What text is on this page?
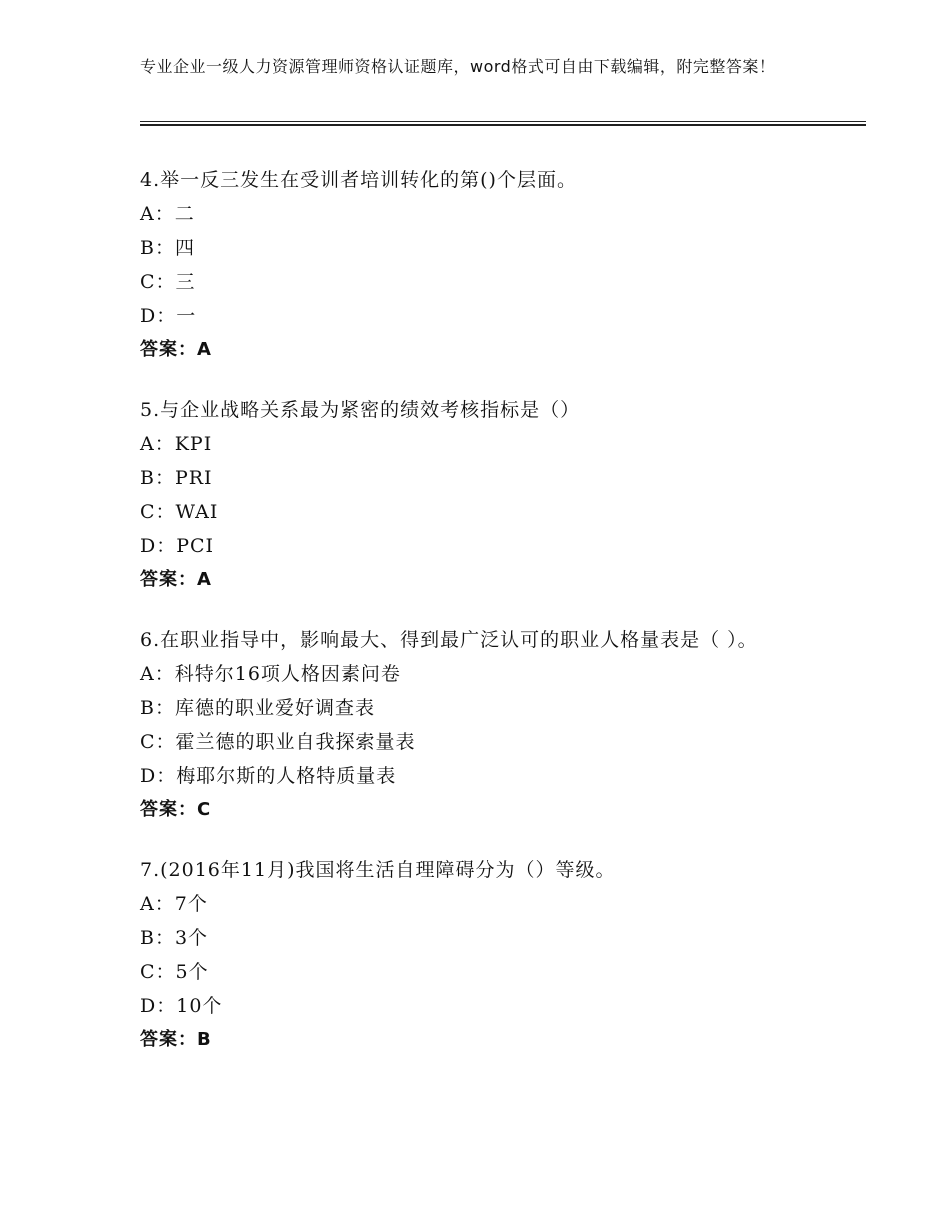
专业企业一级人力资源管理师资格认证题库，word格式可自由下载编辑，附完整答案！
4.举一反三发生在受训者培训转化的第()个层面。
A：二
B：四
C：三
D：一
答案：A
5.与企业战略关系最为紧密的绩效考核指标是（）
A：KPI
B：PRI
C：WAI
D：PCI
答案：A
6.在职业指导中，影响最大、得到最广泛认可的职业人格量表是（ ）。
A：科特尔16项人格因素问卷
B：库德的职业爱好调查表
C：霍兰德的职业自我探索量表
D：梅耶尔斯的人格特质量表
答案：C
7.(2016年11月)我国将生活自理障碍分为（）等级。
A：7个
B：3个
C：5个
D：10个
答案：B
